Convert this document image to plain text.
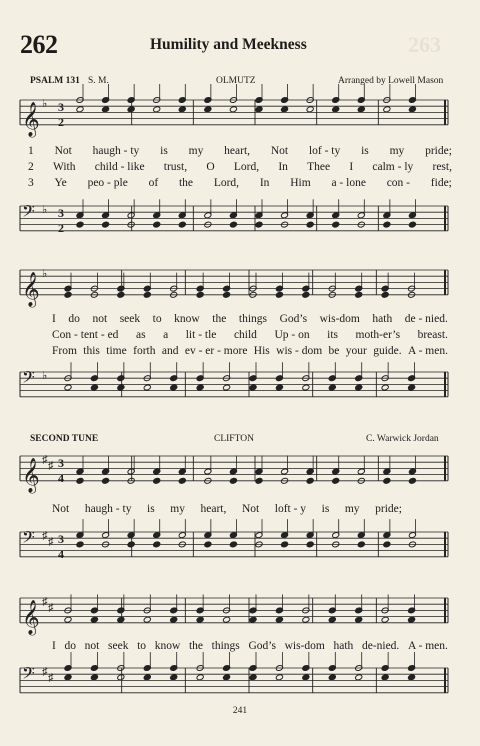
262	Humility and Meekness	263
PSALM 131 S. M.	OLMUTZ	Arranged by Lowell Mason
𝄞 ♭ 3
2
1 Not haugh - ty is my heart, Not lof - ty is my pride;
2 With child - like trust, O Lord, In Thee I calm - ly rest,
3 Ye peo - ple of the Lord, In Him a - lone con - fide;
𝄢 ♭ 3
2
𝄞 ♭
I do not seek to know the things God’s wis-dom hath de - nied.
Con - tent - ed as a lit - tle child Up - on its moth-er’s breast.
From this time forth and ev - er - more His wis - dom be your guide. A - men.
𝄢 ♭
SECOND TUNE	CLIFTON	C. Warwick Jordan
𝄞 ♯ ♯ 3
4
Not haugh - ty is my heart, Not loft - y is my pride;
𝄢 ♯ ♯ 3
4
𝄞 ♯ ♯
I do not seek to know the things God’s wis-dom hath de-nied. A - men.
𝄢 ♯ ♯
241
